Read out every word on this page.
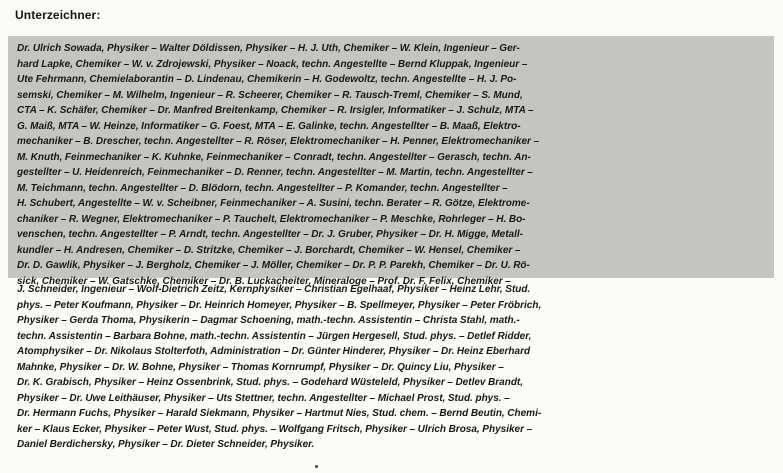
Unterzeichner:
Dr. Ulrich Sowada, Physiker – Walter Döldissen, Physiker – H. J. Uth, Chemiker – W. Klein, Ingenieur – Ger-
hard Lapke, Chemiker – W. v. Zdrojewski, Physiker – Noack, techn. Angestellte – Bernd Kluppak, Ingenieur –
Ute Fehrmann, Chemielaborantin – D. Lindenau, Chemikerin – H. Godewoltz, techn. Angestellte – H. J. Po-
semski, Chemiker – M. Wilhelm, Ingenieur – R. Scheerer, Chemiker – R. Tausch-Treml, Chemiker – S. Mund,
CTA – K. Schäfer, Chemiker – Dr. Manfred Breitenkamp, Chemiker – R. Irsigler, Informatiker – J. Schulz, MTA –
G. Maiß, MTA – W. Heinze, Informatiker – G. Foest, MTA – E. Galinke, techn. Angestellter – B. Maaß, Elektro-
mechaniker – B. Drescher, techn. Angestellter – R. Röser, Elektromechaniker – H. Penner, Elektromechaniker –
M. Knuth, Feinmechaniker – K. Kuhnke, Feinmechaniker – Conradt, techn. Angestellter – Gerasch, techn. An-
gestellter – U. Heidenreich, Feinmechaniker – D. Renner, techn. Angestellter – M. Martin, techn. Angestellter –
M. Teichmann, techn. Angestellter – D. Blödorn, techn. Angestellter – P. Komander, techn. Angestellter –
H. Schubert, Angestellte – W. v. Scheibner, Feinmechaniker – A. Susini, techn. Berater – R. Götze, Elektrome-
chaniker – R. Wegner, Elektromechaniker – P. Tauchelt, Elektromechaniker – P. Meschke, Rohrleger – H. Bo-
venschen, techn. Angestellter – P. Arndt, techn. Angestellter – Dr. J. Gruber, Physiker – Dr. H. Migge, Metall-
kundler – H. Andresen, Chemiker – D. Stritzke, Chemiker – J. Borchardt, Chemiker – W. Hensel, Chemiker –
Dr. D. Gawlik, Physiker – J. Bergholz, Chemiker – J. Möller, Chemiker – Dr. P. P. Parekh, Chemiker – Dr. U. Rö-
sick, Chemiker – W. Gatschke, Chemiker – Dr. B. Luckacheiter, Mineraloge – Prof. Dr. F. Felix, Chemiker –
J. Schneider, Ingenieur – Wolf-Dietrich Zeitz, Kernphysiker – Christian Egelhaaf, Physiker – Heinz Lehr, Stud.
phys. – Peter Koufmann, Physiker – Dr. Heinrich Homeyer, Physiker – B. Spellmeyer, Physiker – Peter Fröbrich,
Physiker – Gerda Thoma, Physikerin – Dagmar Schoening, math.-techn. Assistentin – Christa Stahl, math.-
techn. Assistentin – Barbara Bohne, math.-techn. Assistentin – Jürgen Hergesell, Stud. phys. – Detlef Ridder,
Atomphysiker – Dr. Nikolaus Stolterfoth, Administration – Dr. Günter Hinderer, Physiker – Dr. Heinz Eberhard
Mahnke, Physiker – Dr. W. Bohne, Physiker – Thomas Kornrumpf, Physiker – Dr. Quincy Liu, Physiker –
Dr. K. Grabisch, Physiker – Heinz Ossenbrink, Stud. phys. – Godehard Wüsteleld, Physiker – Detlev Brandt,
Physiker – Dr. Uwe Leithäuser, Physiker – Uts Stettner, techn. Angestellter – Michael Prost, Stud. phys. –
Dr. Hermann Fuchs, Physiker – Harald Siekmann, Physiker – Hartmut Nies, Stud. chem. – Bernd Beutin, Chemi-
ker – Klaus Ecker, Physiker – Peter Wust, Stud. phys. – Wolfgang Fritsch, Physiker – Ulrich Brosa, Physiker –
Daniel Berdichersky, Physiker – Dr. Dieter Schneider, Physiker.
